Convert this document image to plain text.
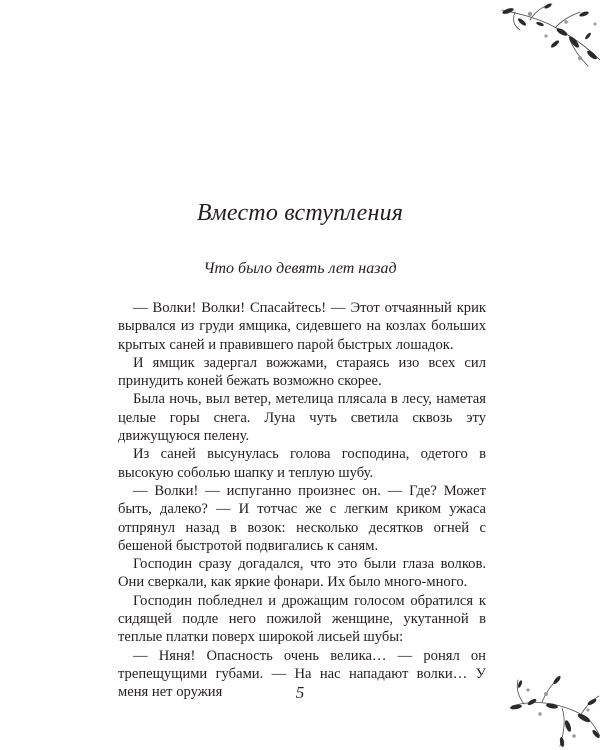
Вместо вступления
Что было девять лет назад

— Волки! Волки! Спасайтесь! — Этот отчаянный крик вырвался из груди ямщика, сидевшего на козлах больших крытых саней и правившего парой быстрых лошадок.

И ямщик задергал вожжами, стараясь изо всех сил принудить коней бежать возможно скорее.

Была ночь, выл ветер, метелица плясала в лесу, наметая целые горы снега. Луна чуть светила сквозь эту движущуюся пелену.

Из саней высунулась голова господина, одетого в высокую соболью шапку и теплую шубу.

— Волки! — испуганно произнес он. — Где? Может быть, далеко? — И тотчас же с легким криком ужаса отпрянул назад в возок: несколько десятков огней с бешеной быстротой подвигались к саням.

Господин сразу догадался, что это были глаза волков. Они сверкали, как яркие фонари. Их было много-много.

Господин побледнел и дрожащим голосом обратился к сидящей подле него пожилой женщине, укутанной в теплые платки поверх широкой лисьей шубы:

— Няня! Опасность очень велика… — ронял он трепещущими губами. — На нас нападают волки… У меня нет оружия	5
